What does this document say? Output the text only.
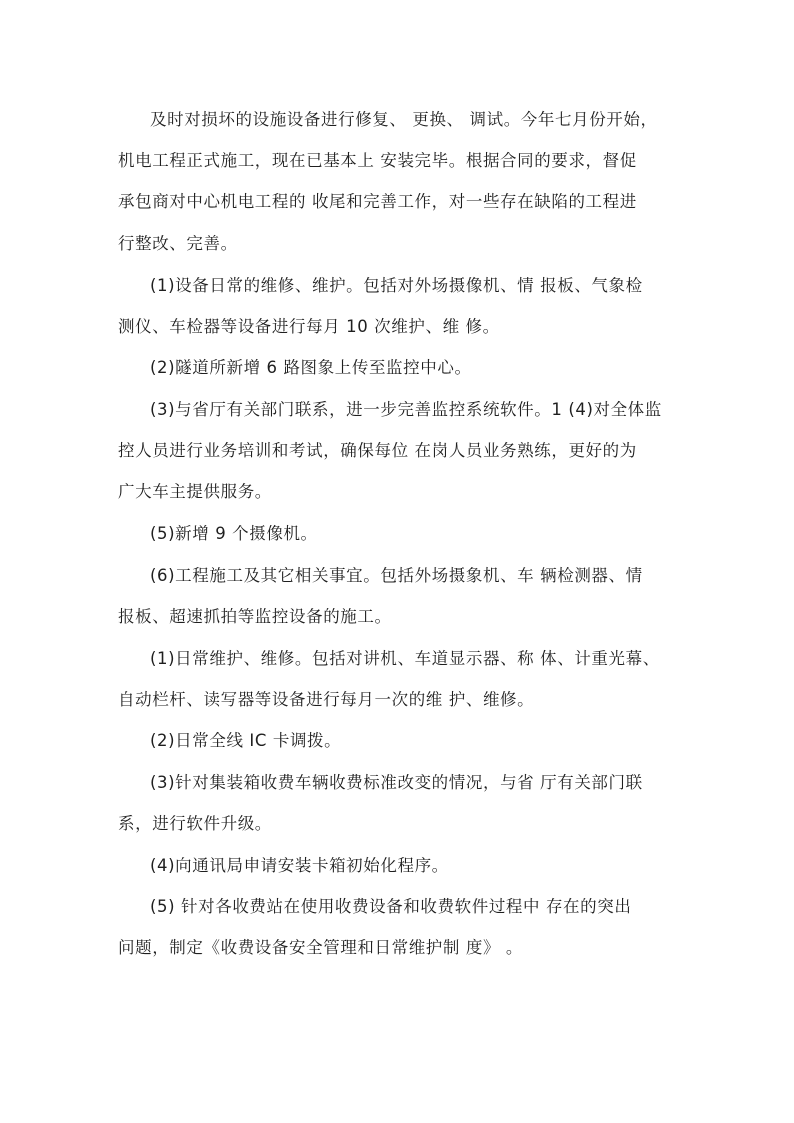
及时对损坏的设施设备进行修复、 更换、 调试。今年七月份开始，
机电工程正式施工，现在已基本上 安装完毕。根据合同的要求，督促
承包商对中心机电工程的 收尾和完善工作，对一些存在缺陷的工程进
行整改、完善。
(1)设备日常的维修、维护。包括对外场摄像机、情 报板、气象检
测仪、车检器等设备进行每月 10 次维护、维 修。
(2)隧道所新增 6 路图象上传至监控中心。
(3)与省厅有关部门联系，进一步完善监控系统软件。1 (4)对全体监
控人员进行业务培训和考试，确保每位 在岗人员业务熟练，更好的为
广大车主提供服务。
(5)新增 9 个摄像机。
(6)工程施工及其它相关事宜。包括外场摄象机、车 辆检测器、情
报板、超速抓拍等监控设备的施工。
(1)日常维护、维修。包括对讲机、车道显示器、称 体、计重光幕、
自动栏杆、读写器等设备进行每月一次的维 护、维修。
(2)日常全线 IC 卡调拨。
(3)针对集装箱收费车辆收费标准改变的情况，与省 厅有关部门联
系，进行软件升级。
(4)向通讯局申请安装卡箱初始化程序。
(5) 针对各收费站在使用收费设备和收费软件过程中 存在的突出
问题，制定《收费设备安全管理和日常维护制 度》 。
